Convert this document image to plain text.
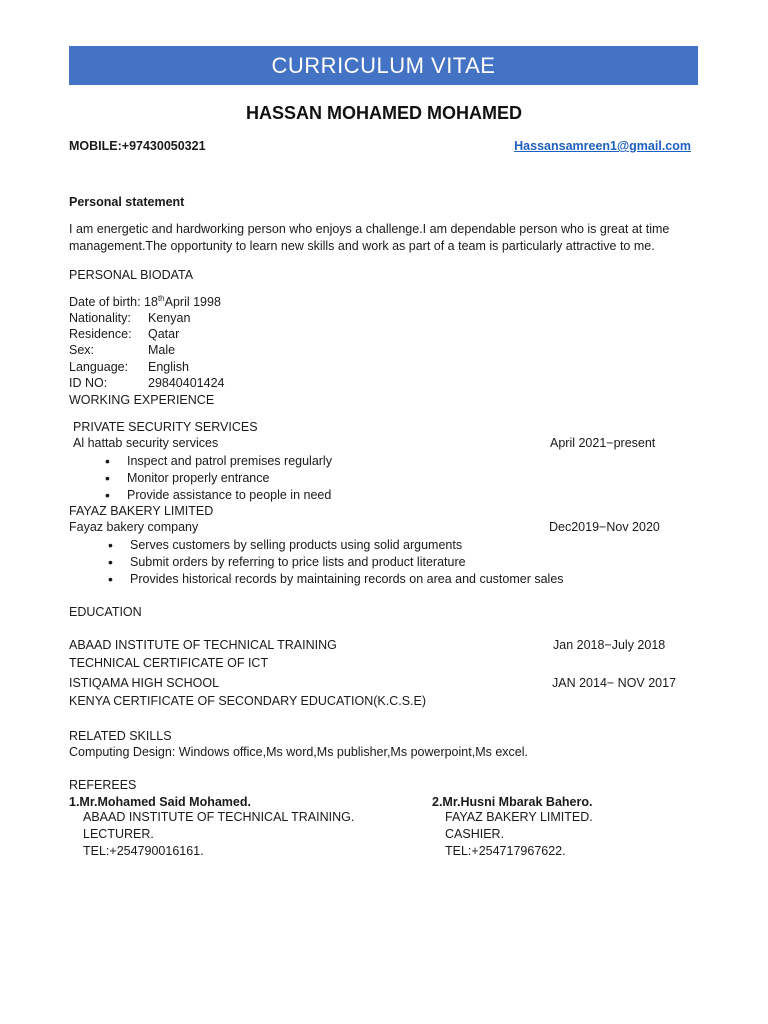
CURRICULUM VITAE
HASSAN MOHAMED MOHAMED
MOBILE:+97430050321	Hassansamreen1@gmail.com
Personal statement
I am energetic and hardworking person who enjoys a challenge.I am dependable person who is great at time
management.The opportunity to learn new skills and work as part of a team is particularly attractive to me.
PERSONAL BIODATA
Date of birth: 18thApril 1998
Nationality: Kenyan
Residence: Qatar
Sex:	Male
Language: English
ID NO:	29840401424
WORKING EXPERIENCE
PRIVATE SECURITY SERVICES
Al hattab security services	April 2021−present
• Inspect and patrol premises regularly
• Monitor properly entrance
• Provide assistance to people in need
FAYAZ BAKERY LIMITED
Fayaz bakery company	Dec2019−Nov 2020
• Serves customers by selling products using solid arguments
• Submit orders by referring to price lists and product literature
• Provides historical records by maintaining records on area and customer sales
EDUCATION
ABAAD INSTITUTE OF TECHNICAL TRAINING	Jan 2018−July 2018
TECHNICAL CERTIFICATE OF ICT
ISTIQAMA HIGH SCHOOL	JAN 2014− NOV 2017
KENYA CERTIFICATE OF SECONDARY EDUCATION(K.C.S.E)
RELATED SKILLS
Computing Design: Windows office,Ms word,Ms publisher,Ms powerpoint,Ms excel.
REFEREES
1.Mr.Mohamed Said Mohamed.
ABAAD INSTITUTE OF TECHNICAL TRAINING.
LECTURER.
TEL:+254790016161.
2.Mr.Husni Mbarak Bahero.
FAYAZ BAKERY LIMITED.
CASHIER.
TEL:+254717967622.
